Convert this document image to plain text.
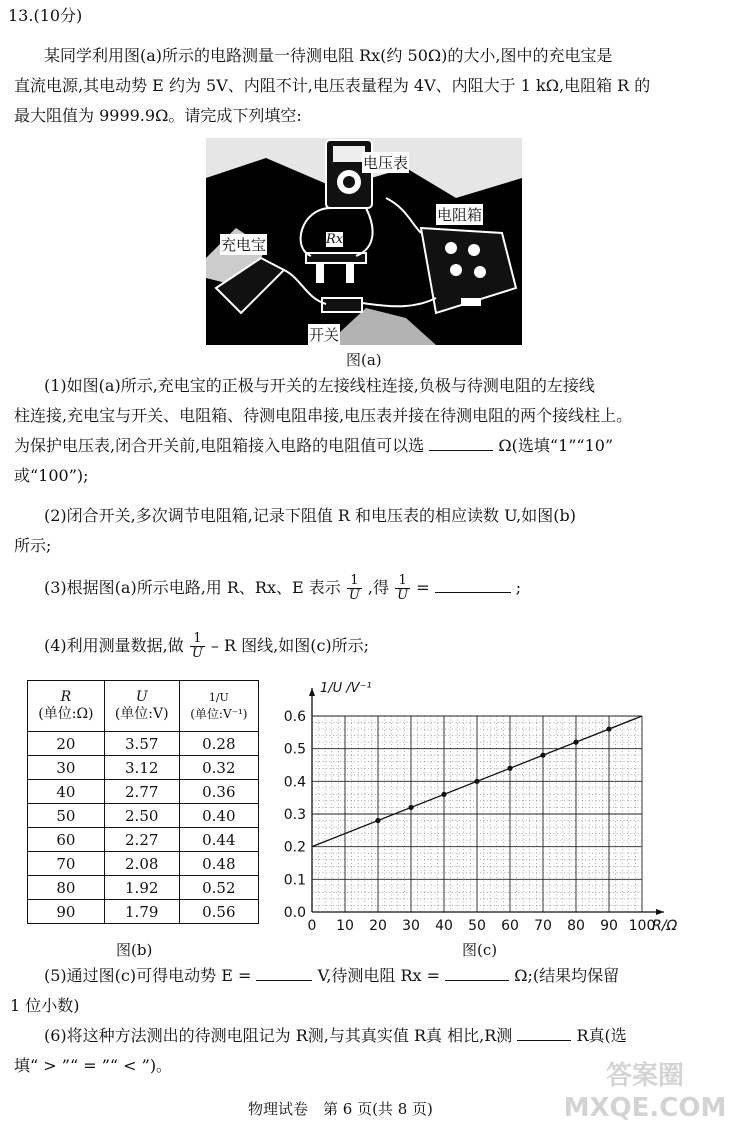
13.(10分)
某同学利用图(a)所示的电路测量一待测电阻 Rx(约 50Ω)的大小,图中的充电宝是
直流电源,其电动势 E 约为 5V、内阻不计,电压表量程为 4V、内阻大于 1 kΩ,电阻箱 R 的
最大阻值为 9999.9Ω。请完成下列填空:
电压表
电阻箱
充电宝	Rx
开关
图(a)
(1)如图(a)所示,充电宝的正极与开关的左接线柱连接,负极与待测电阻的左接线
柱连接,充电宝与开关、电阻箱、待测电阻串接,电压表并接在待测电阻的两个接线柱上。
为保护电压表,闭合开关前,电阻箱接入电路的电阻值可以选	Ω(选填“1”“10”
或“100”);
(2)闭合开关,多次调节电阻箱,记录下阻值 R 和电压表的相应读数 U,如图(b)
所示;
(3)根据图(a)所示电路,用 R、Rx、E 表示 $\frac{1}{U}$ ,得 $\frac{1}{U}$ =	;
(4)利用测量数据,做 $\frac{1}{U}$ – R 图线,如图(c)所示;
R
(单位:Ω)	U
(单位:V)	1/U
(单位:V⁻¹)
20	3.57	0.28
30	3.12	0.32
40	2.77	0.36
50	2.50	0.40
60	2.27	0.44
70	2.08	0.48
80	1.92	0.52
90	1.79	0.56
图(b)
0 10 20 30 40 50 60 70 80 90 100
0.0
0.1
0.2
0.3
0.4
0.5
0.6
1/U /V⁻¹
R/Ω
图(c)
(5)通过图(c)可得电动势 E =	V,待测电阻 Rx =	Ω;(结果均保留
1 位小数)
(6)将这种方法测出的待测电阻记为 R测,与其真实值 R真 相比,R测	R真(选
填“ > ”“ = ”“ < ”)。
物理试卷　第 6 页(共 8 页)
答案圈 MXQE.COM
